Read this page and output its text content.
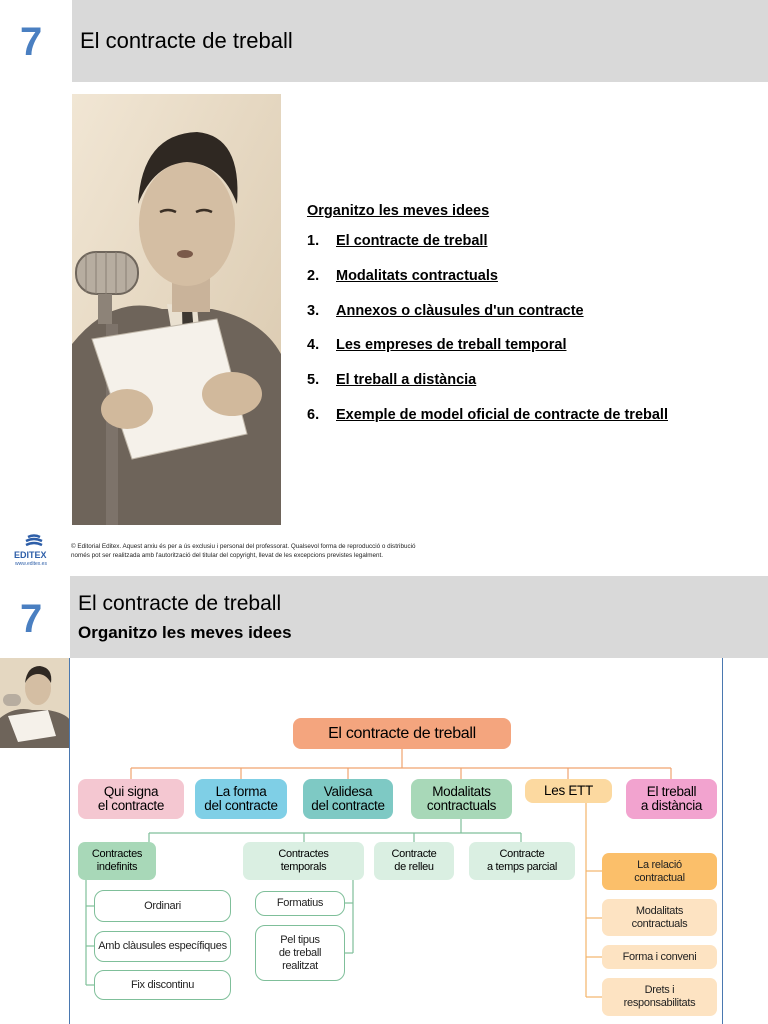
7 El contracte de treball
Organitzo les meves idees
1.	El contracte de treball
2.	Modalitats contractuals
3.	Annexos o clàusules d'un contracte
4.	Les empreses de treball temporal
5.	El treball a distància
6.	Exemple de model oficial de contracte de treball
EDITEX
www.editex.es
© Editorial Editex. Aquest arxiu és per a ús exclusiu i personal del professorat. Qualsevol forma de reproducció o distribució
només pot ser realitzada amb l'autorització del titular del copyright, llevat de les excepcions previstes legalment.
7 El contracte de treball
Organitzo les meves idees
El contracte de treball
Qui signa
el contracte
La forma
del contracte
Validesa
del contracte
Modalitats
contractuals
Les ETT	El treball
a distància
Contractes
indefinits
Contractes
temporals
Contracte
de relleu
Contracte
a temps parcial
Ordinari
Amb clàusules específiques
Fix discontinu
Formatius
Pel tipus
de treball
realitzat
La relació
contractual
Modalitats
contractuals
Forma i conveni
Drets i
responsabilitats
